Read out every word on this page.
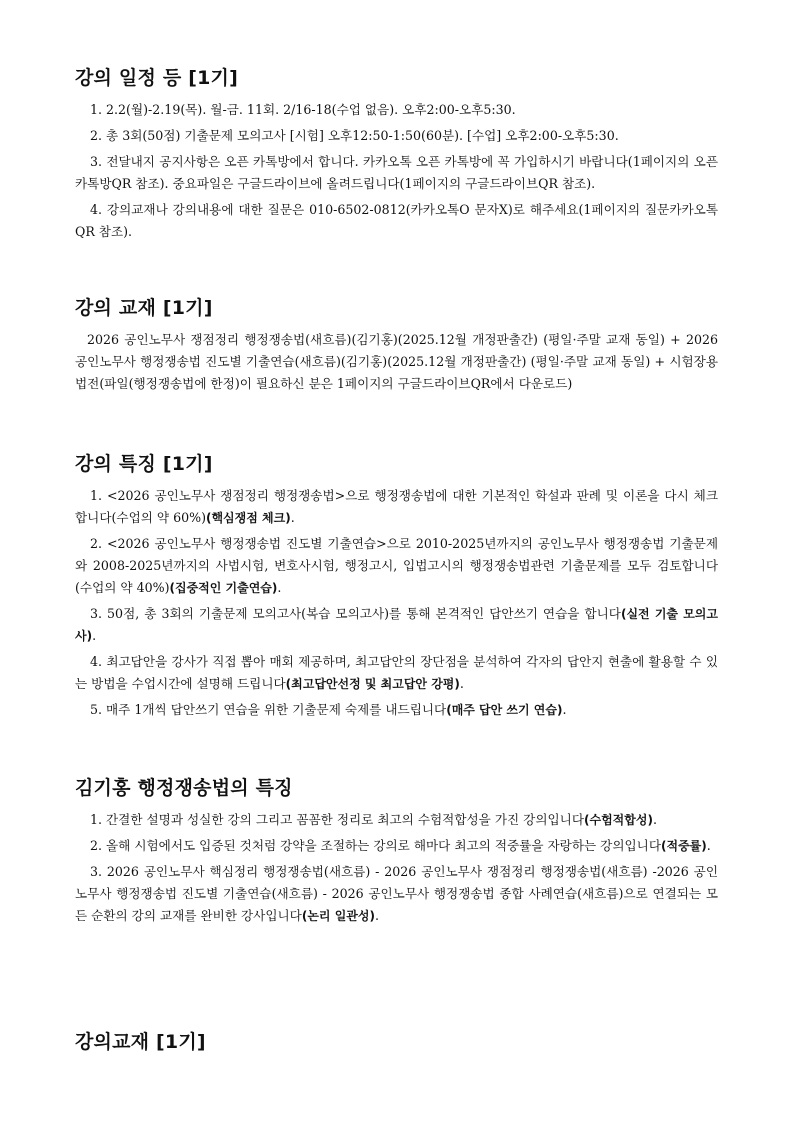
강의 일정 등 [1기]

1. 2.2(월)-2.19(목). 월-금. 11회. 2/16-18(수업 없음). 오후2:00-오후5:30.

2. 총 3회(50점) 기출문제 모의고사 [시험] 오후12:50-1:50(60분). [수업] 오후2:00-오후5:30.

3. 전달내지 공지사항은 오픈 카톡방에서 합니다. 카카오톡 오픈 카톡방에 꼭 가입하시기 바랍니다(1페이지의 오픈카톡방QR 참조). 중요파일은 구글드라이브에 올려드립니다(1페이지의 구글드라이브QR 참조).

4. 강의교재나 강의내용에 대한 질문은 010-6502-0812(카카오톡O 문자X)로 해주세요(1페이지의 질문카카오톡QR 참조).

강의 교재 [1기]

2026 공인노무사 쟁점정리 행정쟁송법(새흐름)(김기홍)(2025.12월 개정판출간) (평일·주말 교재 동일) + 2026 공인노무사 행정쟁송법 진도별 기출연습(새흐름)(김기홍)(2025.12월 개정판출간) (평일·주말 교재 동일) + 시험장용 법전(파일(행정쟁송법에 한정)이 필요하신 분은 1페이지의 구글드라이브QR에서 다운로드)

강의 특징 [1기]

1. <2026 공인노무사 쟁점정리 행정쟁송법>으로 행정쟁송법에 대한 기본적인 학설과 판례 및 이론을 다시 체크합니다(수업의 약 60%)(핵심쟁점 체크).

2. <2026 공인노무사 행정쟁송법 진도별 기출연습>으로 2010-2025년까지의 공인노무사 행정쟁송법 기출문제와 2008-2025년까지의 사법시험, 변호사시험, 행정고시, 입법고시의 행정쟁송법관련 기출문제를 모두 검토합니다(수업의 약 40%)(집중적인 기출연습).

3. 50점, 총 3회의 기출문제 모의고사(복습 모의고사)를 통해 본격적인 답안쓰기 연습을 합니다(실전 기출 모의고사).

4. 최고답안을 강사가 직접 뽑아 매회 제공하며, 최고답안의 장단점을 분석하여 각자의 답안지 현출에 활용할 수 있는 방법을 수업시간에 설명해 드립니다(최고답안선정 및 최고답안 강평).

5. 매주 1개씩 답안쓰기 연습을 위한 기출문제 숙제를 내드립니다(매주 답안 쓰기 연습).

김기홍 행정쟁송법의 특징

1. 간결한 설명과 성실한 강의 그리고 꼼꼼한 정리로 최고의 수험적합성을 가진 강의입니다(수험적합성).

2. 올해 시험에서도 입증된 것처럼 강약을 조절하는 강의로 해마다 최고의 적중률을 자랑하는 강의입니다(적중률).

3. 2026 공인노무사 핵심정리 행정쟁송법(새흐름) - 2026 공인노무사 쟁점정리 행정쟁송법(새흐름) -2026 공인노무사 행정쟁송법 진도별 기출연습(새흐름) - 2026 공인노무사 행정쟁송법 종합 사례연습(새흐름)으로 연결되는 모든 순환의 강의 교재를 완비한 강사입니다(논리 일관성).

강의교재 [1기]
